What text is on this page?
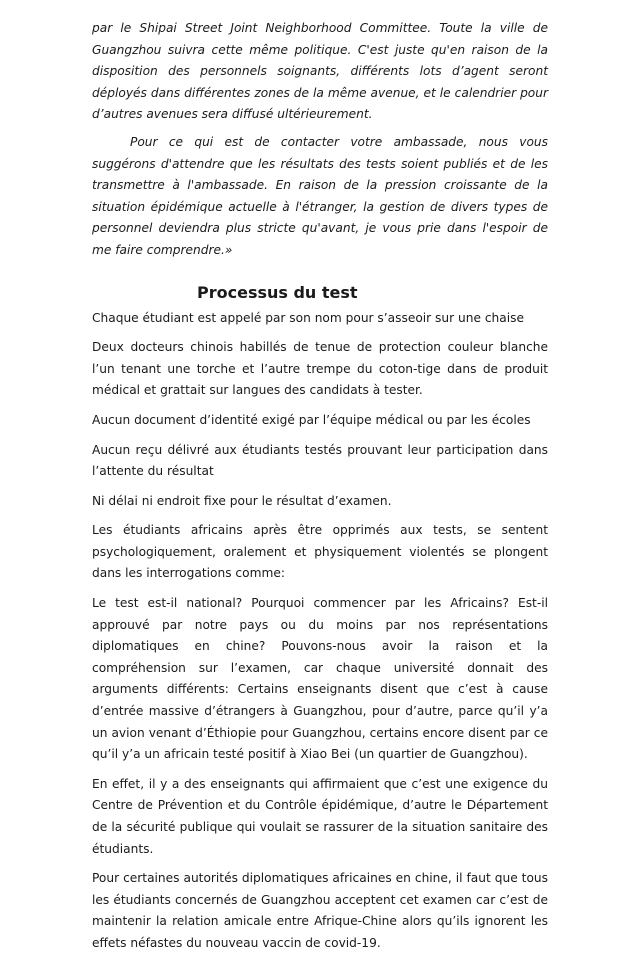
par le Shipai Street Joint Neighborhood Committee. Toute la ville de Guangzhou suivra cette même politique. C'est juste qu'en raison de la disposition des personnels soignants, différents lots d’agent seront déployés dans différentes zones de la même avenue, et le calendrier pour d’autres avenues sera diffusé ultérieurement.

Pour ce qui est de contacter votre ambassade, nous vous suggérons d'attendre que les résultats des tests soient publiés et de les transmettre à l'ambassade. En raison de la pression croissante de la situation épidémique actuelle à l'étranger, la gestion de divers types de personnel deviendra plus stricte qu'avant, je vous prie dans l'espoir de me faire comprendre.»

Processus du test

Chaque étudiant est appelé par son nom pour s’asseoir sur une chaise

Deux docteurs chinois habillés de tenue de protection couleur blanche l’un tenant une torche et l’autre trempe du coton-tige dans de produit médical et grattait sur langues des candidats à tester.

Aucun document d’identité exigé par l’équipe médical ou par les écoles

Aucun reçu délivré aux étudiants testés prouvant leur participation dans l’attente du résultat

Ni délai ni endroit fixe pour le résultat d’examen.

Les étudiants africains après être opprimés aux tests, se sentent psychologiquement, oralement et physiquement violentés se plongent dans les interrogations comme:

Le test est-il national? Pourquoi commencer par les Africains? Est-il approuvé par notre pays ou du moins par nos représentations diplomatiques en chine? Pouvons-nous avoir la raison et la compréhension sur l’examen, car chaque université donnait des arguments différents: Certains enseignants disent que c’est à cause d’entrée massive d’étrangers à Guangzhou, pour d’autre, parce qu’il y’a un avion venant d’Éthiopie pour Guangzhou, certains encore disent par ce qu’il y’a un africain testé positif à Xiao Bei (un quartier de Guangzhou).

En effet, il y a des enseignants qui affirmaient que c’est une exigence du Centre de Prévention et du Contrôle épidémique, d’autre le Département de la sécurité publique qui voulait se rassurer de la situation sanitaire des étudiants.

Pour certaines autorités diplomatiques africaines en chine, il faut que tous les étudiants concernés de Guangzhou acceptent cet examen car c’est de maintenir la relation amicale entre Afrique-Chine alors qu’ils ignorent les effets néfastes du nouveau vaccin de covid-19.
